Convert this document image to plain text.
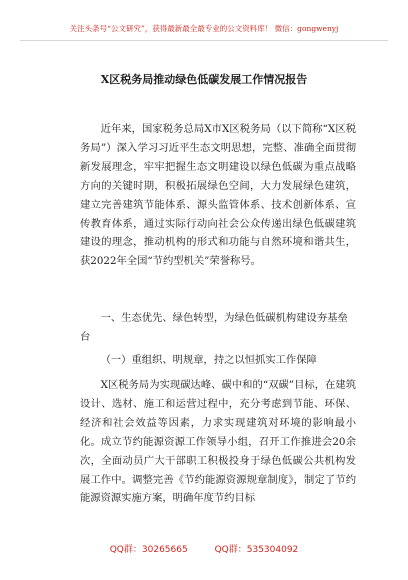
关注头条号“公文研究”，获得最新最全最专业的公文资料库！ 微信：gongwenyj
X区税务局推动绿色低碳发展工作情况报告

近年来，国家税务总局X市X区税务局（以下简称“X区税务局”）深入学习习近平生态文明思想，完整、准确全面贯彻新发展理念，牢牢把握生态文明建设以绿色低碳为重点战略方向的关键时期，积极拓展绿色空间，大力发展绿色建筑，建立完善建筑节能体系、源头监管体系、技术创新体系、宣传教育体系，通过实际行动向社会公众传递出绿色低碳建筑建设的理念，推动机构的形式和功能与自然环境和谐共生，获2022年全国“节约型机关”荣誉称号。

一、生态优先、绿色转型，为绿色低碳机构建设夯基垒台

（一）重组织、明规章，持之以恒抓实工作保障

X区税务局为实现碳达峰、碳中和的“双碳”目标，在建筑设计、选材、施工和运营过程中，充分考虑到节能、环保、经济和社会效益等因素，力求实现建筑对环境的影响最小化。成立节约能源资源工作领导小组，召开工作推进会20余次，全面动员广大干部职工积极投身于绿色低碳公共机构发展工作中。调整完善《节约能源资源规章制度》，制定了节约能源资源实施方案，明确年度节约目标

QQ群：30265665	QQ群：535304092
